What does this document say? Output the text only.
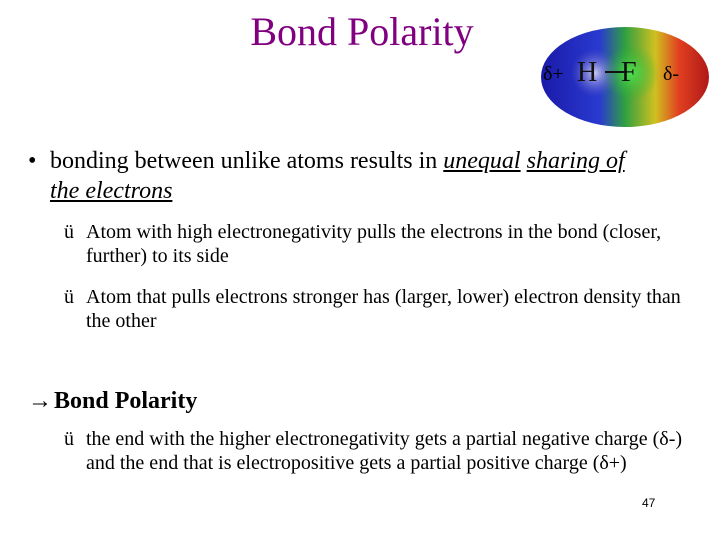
Bond Polarity
δ+ H F δ-
• bonding between unlike atoms results in unequal sharing of the electrons
ü Atom with high electronegativity pulls the electrons in the bond (closer, further) to its side
ü Atom that pulls electrons stronger has (larger, lower) electron density than the other
→Bond Polarity
ü the end with the higher electronegativity gets a partial negative charge (δ-) and the end that is electropositive gets a partial positive charge (δ+)
47
